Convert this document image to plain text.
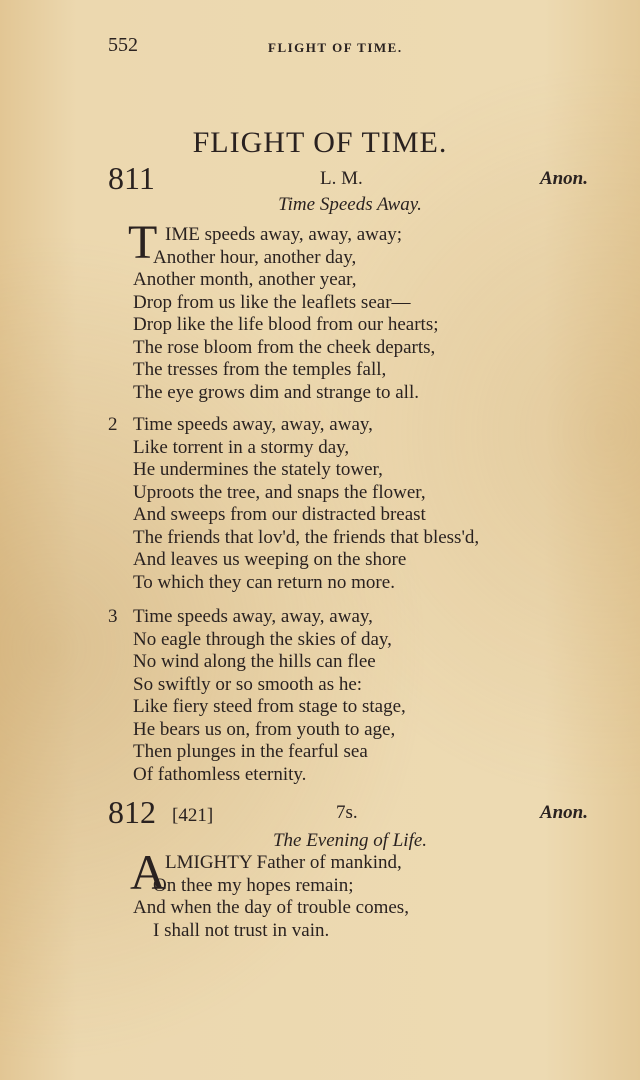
552	FLIGHT OF TIME.
FLIGHT OF TIME.
811	L. M.	Anon.
Time Speeds Away.
T IME speeds away, away, away;
Another hour, another day,
Another month, another year,
Drop from us like the leaflets sear—
Drop like the life blood from our hearts;
The rose bloom from the cheek departs,
The tresses from the temples fall,
The eye grows dim and strange to all.
2 Time speeds away, away, away,
Like torrent in a stormy day,
He undermines the stately tower,
Uproots the tree, and snaps the flower,
And sweeps from our distracted breast
The friends that lov'd, the friends that bless'd,
And leaves us weeping on the shore
To which they can return no more.
3 Time speeds away, away, away,
No eagle through the skies of day,
No wind along the hills can flee
So swiftly or so smooth as he:
Like fiery steed from stage to stage,
He bears us on, from youth to age,
Then plunges in the fearful sea
Of fathomless eternity.
812 [421]	7s.	Anon.
The Evening of Life.
A
LMIGHTY Father of mankind,
On thee my hopes remain;
And when the day of trouble comes,
I shall not trust in vain.
